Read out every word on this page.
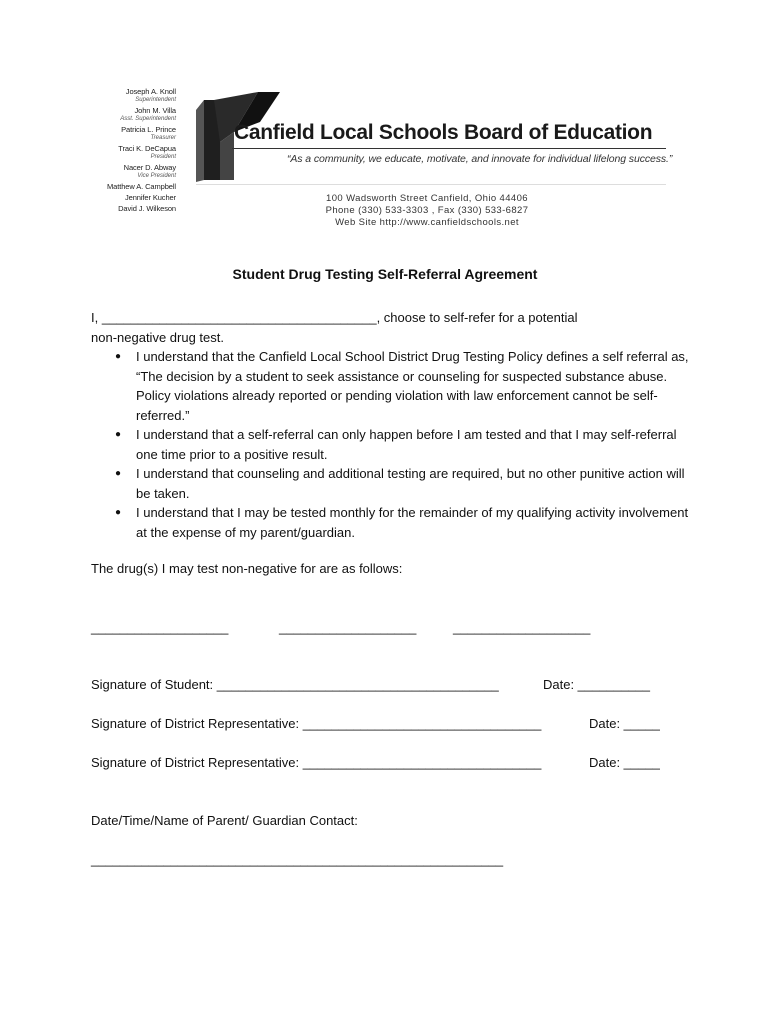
Joseph A. Knoll
Superintendent
John M. Villa
Asst. Superintendent
Patricia L. Prince
Treasurer
Traci K. DeCapua
President
Nacer D. Abway
Vice President
Matthew A. Campbell
Jennifer Kucher
David J. Wilkeson
Canfield Local Schools Board of Education
“As a community, we educate, motivate, and innovate for individual lifelong success.”
100 Wadsworth Street Canfield, Ohio 44406
Phone (330) 533-3303 , Fax (330) 533-6827
Web Site http://www.canfieldschools.net
Student Drug Testing Self-Referral Agreement
I, ______________________________________, choose to self-refer for a potential
non-negative drug test.
● I understand that the Canfield Local School District Drug Testing Policy defines a self referral as, “The decision by a student to seek assistance or counseling for suspected substance abuse. Policy violations already reported or pending violation with law enforcement cannot be self-referred.”
● I understand that a self-referral can only happen before I am tested and that I may self-referral one time prior to a positive result.
● I understand that counseling and additional testing are required, but no other punitive action will be taken.
● I understand that I may be tested monthly for the remainder of my qualifying activity involvement at the expense of my parent/guardian.
The drug(s) I may test non-negative for are as follows:
___________________	___________________	___________________
Signature of Student: _______________________________________	Date: __________
Signature of District Representative: _________________________________	Date: _____
Signature of District Representative: _________________________________	Date: _____
Date/Time/Name of Parent/ Guardian Contact:
_________________________________________________________
